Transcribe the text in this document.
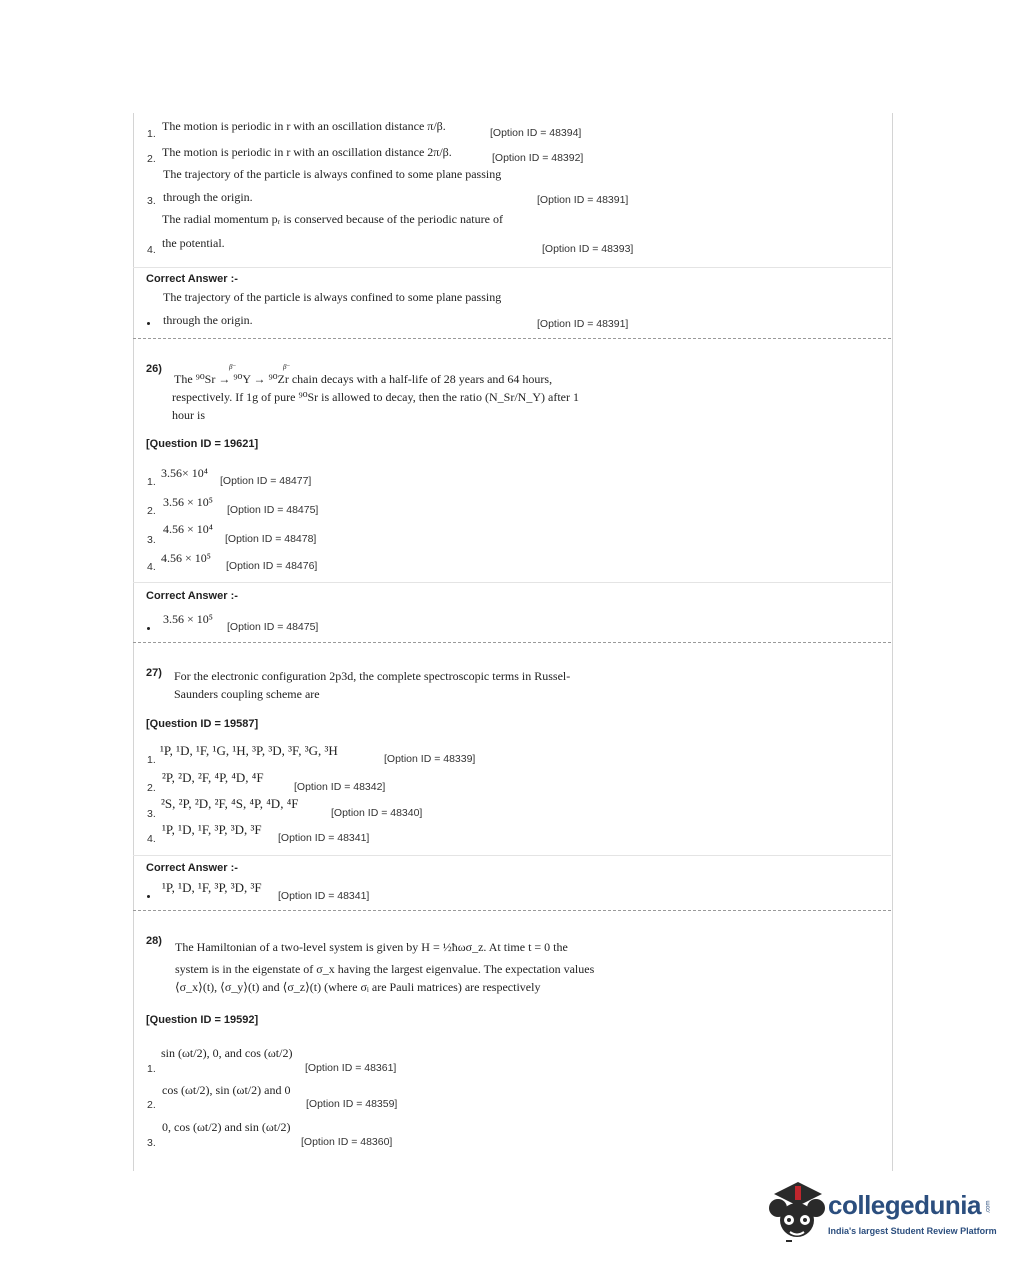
1.
The motion is periodic in r with an oscillation distance π/β.	[Option ID = 48394]
2. The motion is periodic in r with an oscillation distance 2π/β.	[Option ID = 48392]
The trajectory of the particle is always confined to some plane passing
3. through the origin.	[Option ID = 48391]
The radial momentum pᵣ is conserved because of the periodic nature of
4. the potential.	[Option ID = 48393]
Correct Answer :-
The trajectory of the particle is always confined to some plane passing
through the origin.	[Option ID = 48391]
26)	β⁻	β⁻
The ⁹⁰Sr → ⁹⁰Y → ⁹⁰Zr chain decays with a half-life of 28 years and 64 hours,
respectively. If 1g of pure ⁹⁰Sr is allowed to decay, then the ratio (N_Sr/N_Y) after 1
hour is
[Question ID = 19621]
1.
3.56× 10⁴
[Option ID = 48477]
2.
3.56 × 10⁵
[Option ID = 48475]
3.
4.56 × 10⁴
[Option ID = 48478]
4.
4.56 × 10⁵
[Option ID = 48476]
Correct Answer :-
3.56 × 10⁵
[Option ID = 48475]
27) For the electronic configuration 2p3d, the complete spectroscopic terms in Russel-
Saunders coupling scheme are
[Question ID = 19587]
1.
¹P, ¹D, ¹F, ¹G, ¹H, ³P, ³D, ³F, ³G, ³H
[Option ID = 48339]
2.
²P, ²D, ²F, ⁴P, ⁴D, ⁴F
[Option ID = 48342]
3.
²S, ²P, ²D, ²F, ⁴S, ⁴P, ⁴D, ⁴F
[Option ID = 48340]
4.
¹P, ¹D, ¹F, ³P, ³D, ³F
[Option ID = 48341]
Correct Answer :-
¹P, ¹D, ¹F, ³P, ³D, ³F
[Option ID = 48341]
28) The Hamiltonian of a two-level system is given by H = ½ħωσ_z. At time t = 0 the
system is in the eigenstate of σ_x having the largest eigenvalue. The expectation values
⟨σ_x⟩(t), ⟨σ_y⟩(t) and ⟨σ_z⟩(t) (where σᵢ are Pauli matrices) are respectively
[Question ID = 19592]
1.
sin (ωt/2), 0, and cos (ωt/2)
[Option ID = 48361]
2.
cos (ωt/2), sin (ωt/2) and 0
[Option ID = 48359]
3.
0, cos (ωt/2) and sin (ωt/2)
[Option ID = 48360]
collegedunia .com
India's largest Student Review Platform
